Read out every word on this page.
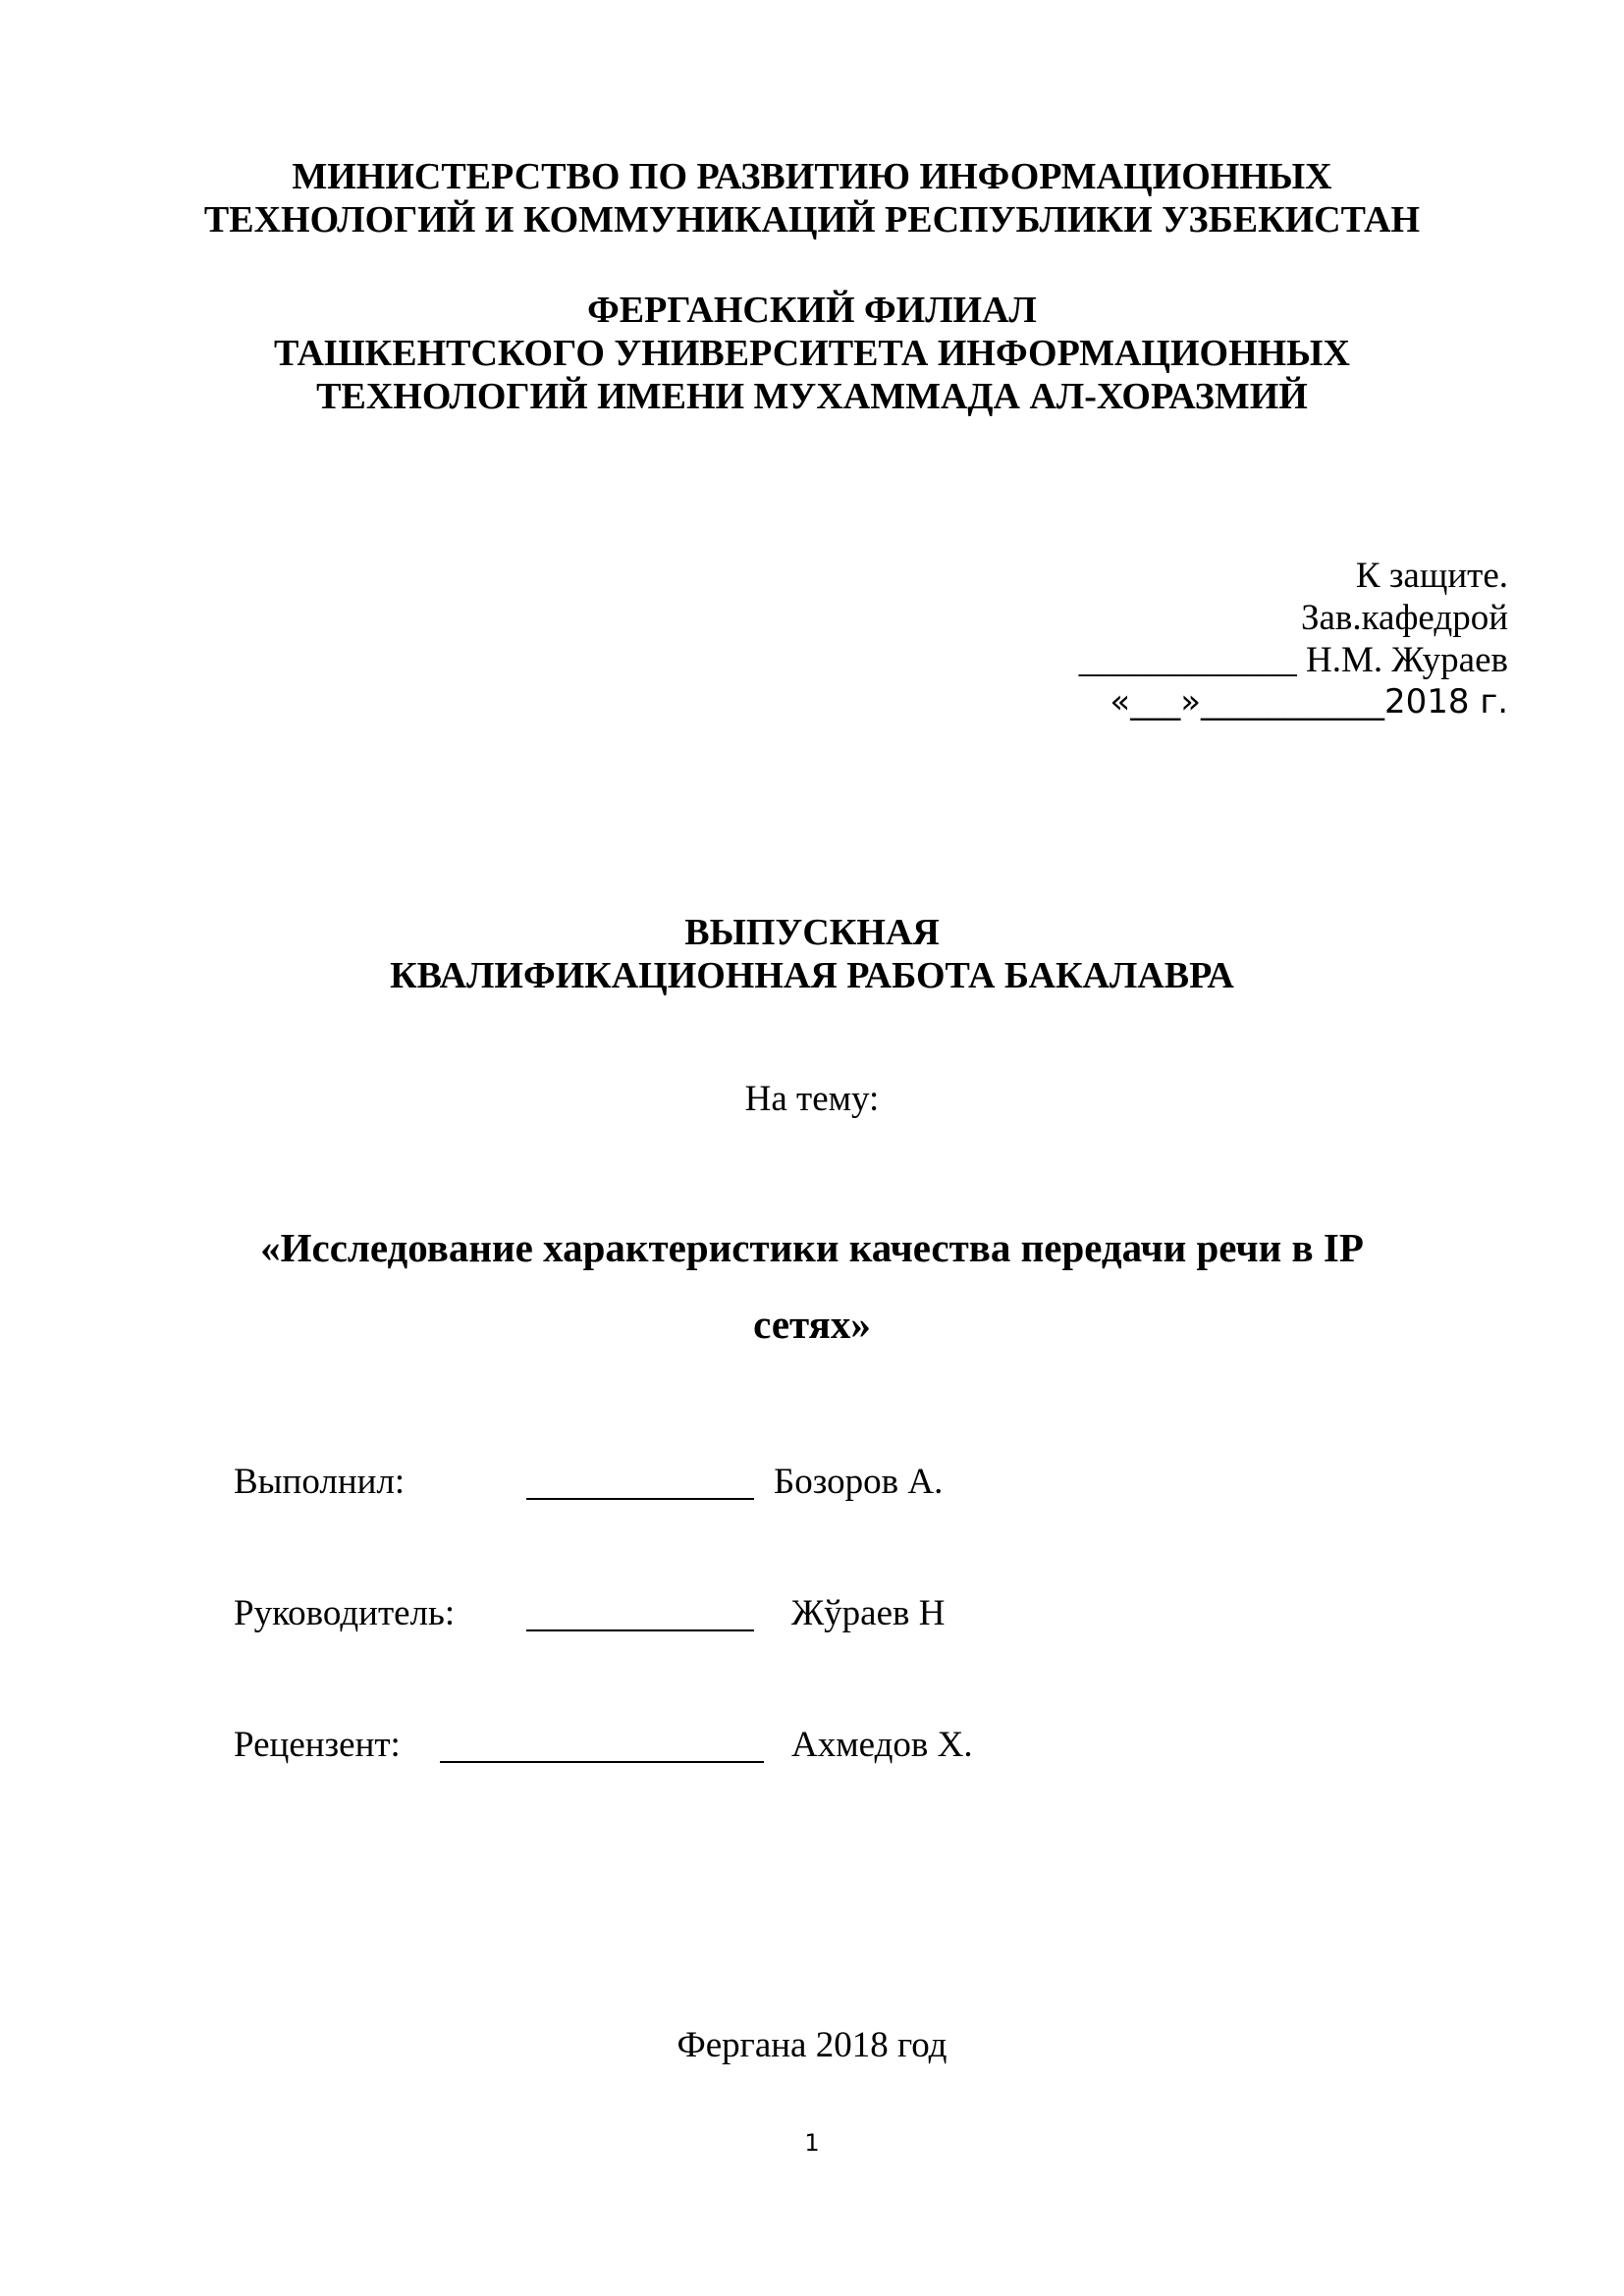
МИНИСТЕРСТВО ПО РАЗВИТИЮ ИНФОРМАЦИОННЫХ
ТЕХНОЛОГИЙ И КОММУНИКАЦИЙ РЕСПУБЛИКИ УЗБЕКИСТАН
ФЕРГАНСКИЙ ФИЛИАЛ
ТАШКЕНТСКОГО УНИВЕРСИТЕТА ИНФОРМАЦИОННЫХ
ТЕХНОЛОГИЙ ИМЕНИ МУХАММАДА АЛ-ХОРАЗМИЙ
К защите.
Зав.кафедрой
____________ Н.М. Жураев
«___»___________2018 г.
ВЫПУСКНАЯ
КВАЛИФИКАЦИОННАЯ РАБОТА БАКАЛАВРА
На тему:
«Исследование характеристики качества передачи речи в IP
сетях»
Выполнил:	Бозоров А.
Руководитель:	Жўраев Н
Рецензент:	Ахмедов Х.
Фергана 2018 год
1
